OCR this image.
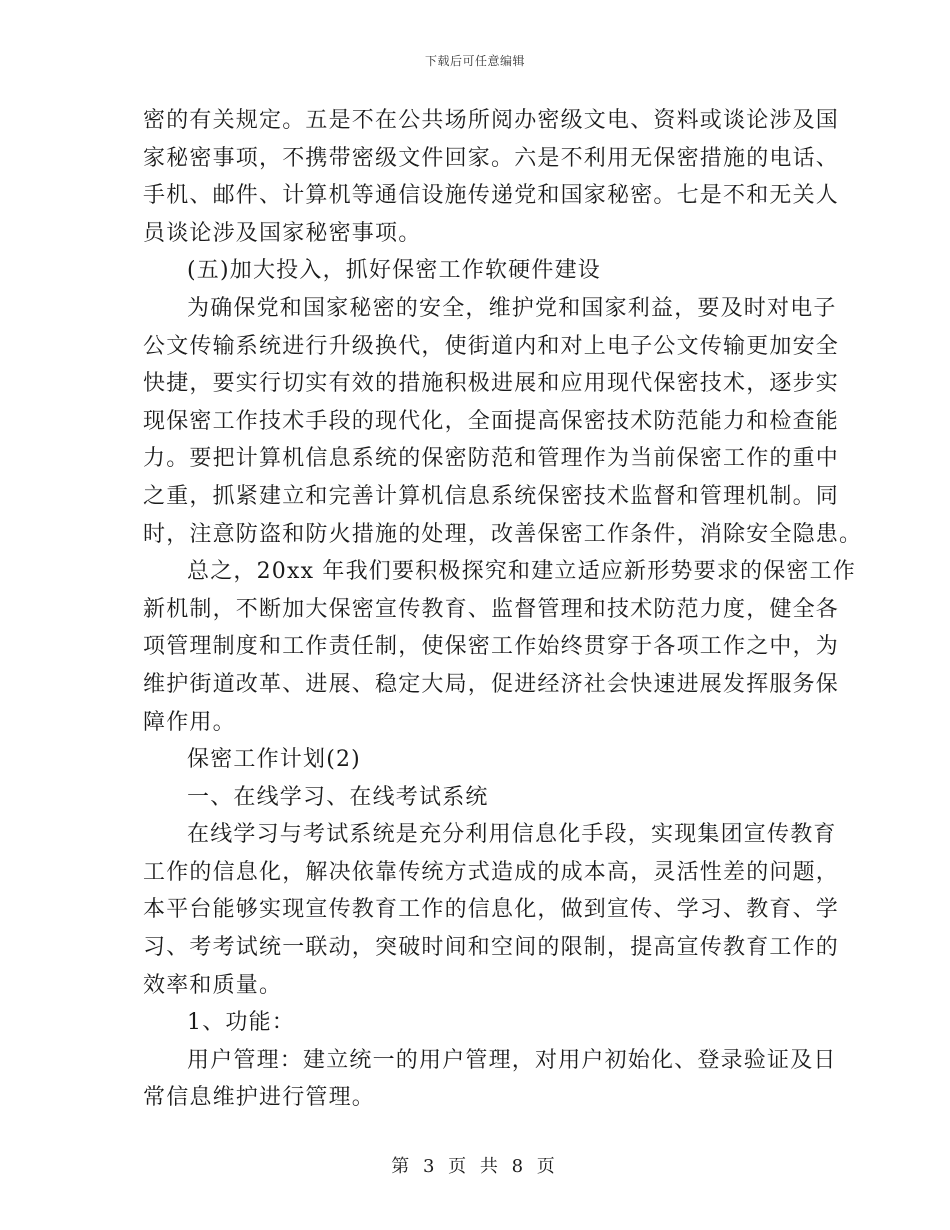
下载后可任意编辑
密的有关规定。五是不在公共场所阅办密级文电、资料或谈论涉及国
家秘密事项，不携带密级文件回家。六是不利用无保密措施的电话、
手机、邮件、计算机等通信设施传递党和国家秘密。七是不和无关人
员谈论涉及国家秘密事项。
(五)加大投入，抓好保密工作软硬件建设
为确保党和国家秘密的安全，维护党和国家利益，要及时对电子
公文传输系统进行升级换代，使街道内和对上电子公文传输更加安全
快捷，要实行切实有效的措施积极进展和应用现代保密技术，逐步实
现保密工作技术手段的现代化，全面提高保密技术防范能力和检查能
力。要把计算机信息系统的保密防范和管理作为当前保密工作的重中
之重，抓紧建立和完善计算机信息系统保密技术监督和管理机制。同
时，注意防盗和防火措施的处理，改善保密工作条件，消除安全隐患。
总之，20xx 年我们要积极探究和建立适应新形势要求的保密工作
新机制，不断加大保密宣传教育、监督管理和技术防范力度，健全各
项管理制度和工作责任制，使保密工作始终贯穿于各项工作之中，为
维护街道改革、进展、稳定大局，促进经济社会快速进展发挥服务保
障作用。
保密工作计划(2)
一、在线学习、在线考试系统
在线学习与考试系统是充分利用信息化手段，实现集团宣传教育
工作的信息化，解决依靠传统方式造成的成本高，灵活性差的问题，
本平台能够实现宣传教育工作的信息化，做到宣传、学习、教育、学
习、考考试统一联动，突破时间和空间的限制，提高宣传教育工作的
效率和质量。
1、功能：
用户管理：建立统一的用户管理，对用户初始化、登录验证及日
常信息维护进行管理。
第 3 页 共 8 页
